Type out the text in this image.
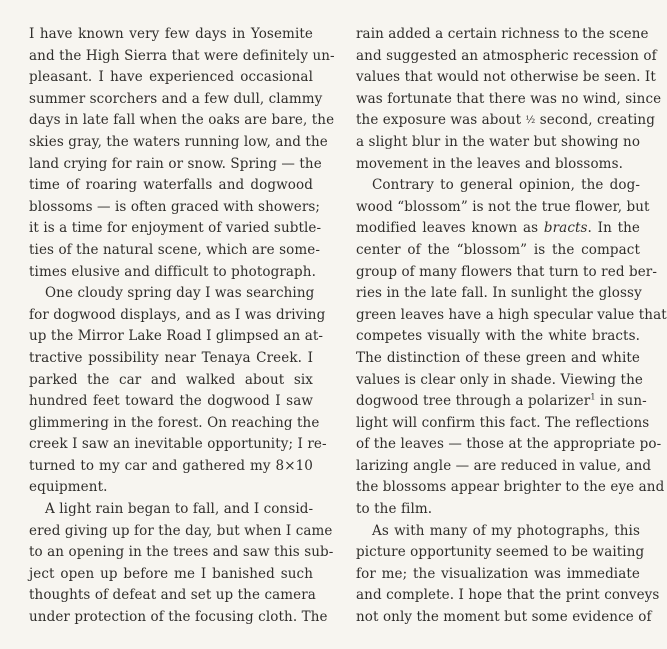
I have known very few days in Yosemite
and the High Sierra that were definitely un-
pleasant. I have experienced occasional
summer scorchers and a few dull, clammy
days in late fall when the oaks are bare, the
skies gray, the waters running low, and the
land crying for rain or snow. Spring — the
time of roaring waterfalls and dogwood
blossoms — is often graced with showers;
it is a time for enjoyment of varied subtle-
ties of the natural scene, which are some-
times elusive and difficult to photograph.
One cloudy spring day I was searching
for dogwood displays, and as I was driving
up the Mirror Lake Road I glimpsed an at-
tractive possibility near Tenaya Creek. I
parked the car and walked about six
hundred feet toward the dogwood I saw
glimmering in the forest. On reaching the
creek I saw an inevitable opportunity; I re-
turned to my car and gathered my 8×10
equipment.
A light rain began to fall, and I consid-
ered giving up for the day, but when I came
to an opening in the trees and saw this sub-
ject open up before me I banished such
thoughts of defeat and set up the camera
under protection of the focusing cloth. The
rain added a certain richness to the scene
and suggested an atmospheric recession of
values that would not otherwise be seen. It
was fortunate that there was no wind, since
the exposure was about ½ second, creating
a slight blur in the water but showing no
movement in the leaves and blossoms.
Contrary to general opinion, the dog-
wood “blossom” is not the true flower, but
modified leaves known as bracts. In the
center of the “blossom” is the compact
group of many flowers that turn to red ber-
ries in the late fall. In sunlight the glossy
green leaves have a high specular value that
competes visually with the white bracts.
The distinction of these green and white
values is clear only in shade. Viewing the
dogwood tree through a polarizer$^1$ in sun-
light will confirm this fact. The reflections
of the leaves — those at the appropriate po-
larizing angle — are reduced in value, and
the blossoms appear brighter to the eye and
to the film.
As with many of my photographs, this
picture opportunity seemed to be waiting
for me; the visualization was immediate
and complete. I hope that the print conveys
not only the moment but some evidence of
